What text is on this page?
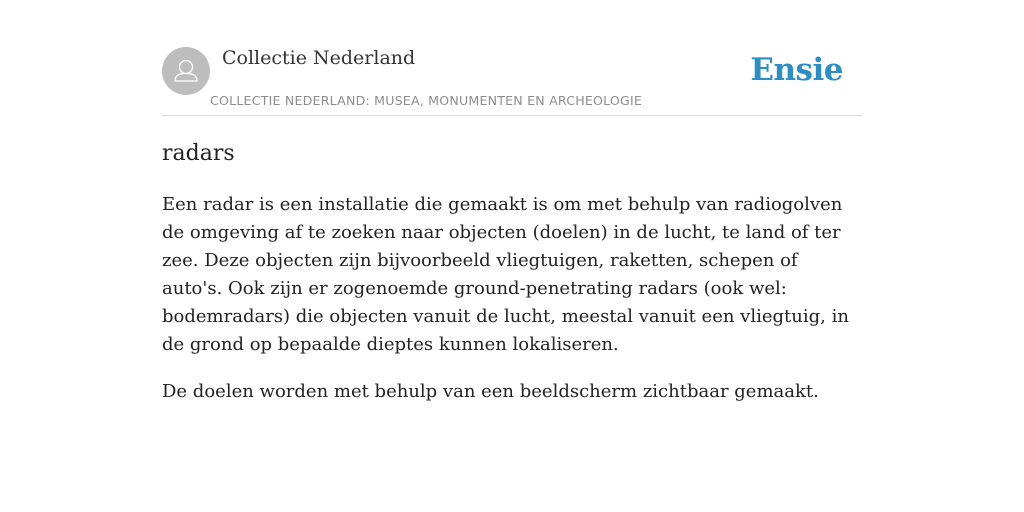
Collectie Nederland
COLLECTIE NEDERLAND: MUSEA, MONUMENTEN EN ARCHEOLOGIE
Ensie
radars

Een radar is een installatie die gemaakt is om met behulp van radiogolven de omgeving af te zoeken naar objecten (doelen) in de lucht, te land of ter zee. Deze objecten zijn bijvoorbeeld vliegtuigen, raketten, schepen of auto's. Ook zijn er zogenoemde ground-penetrating radars (ook wel: bodemradars) die objecten vanuit de lucht, meestal vanuit een vliegtuig, in de grond op bepaalde dieptes kunnen lokaliseren.

De doelen worden met behulp van een beeldscherm zichtbaar gemaakt.
